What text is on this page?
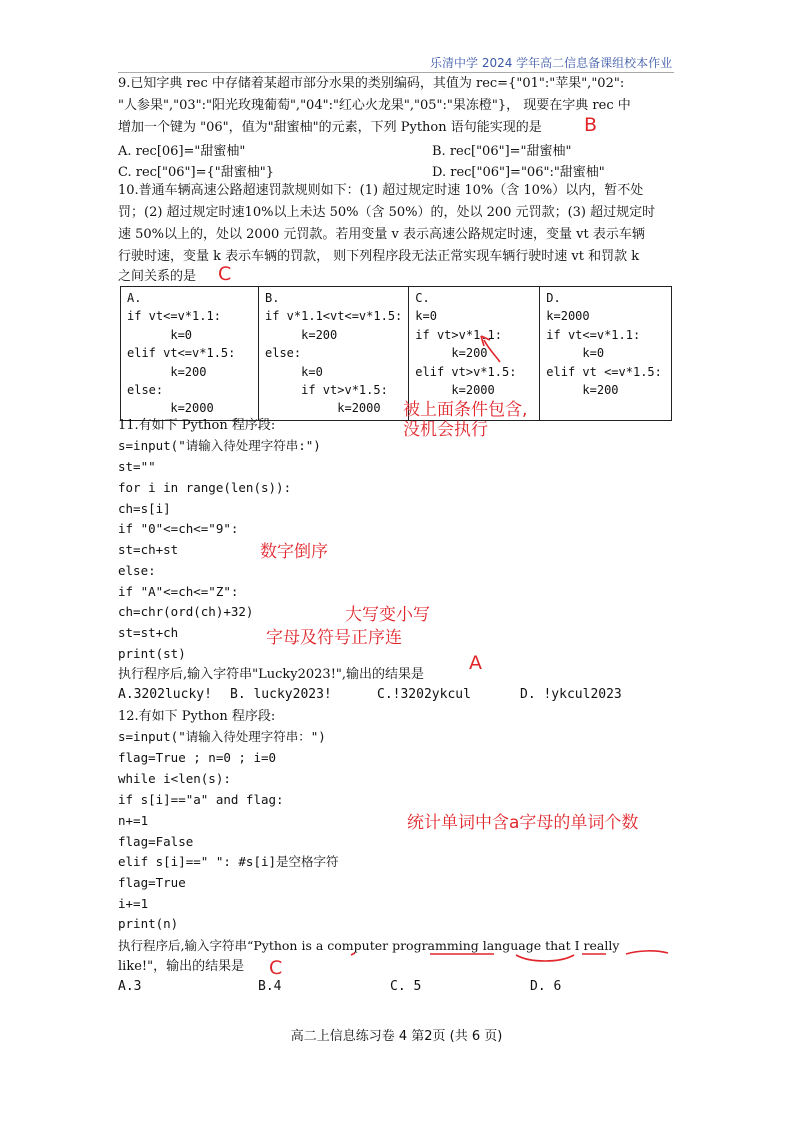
乐清中学 2024 学年高二信息备课组校本作业
9.已知字典 rec 中存储着某超市部分水果的类别编码，其值为 rec={"01":"苹果","02":
"人参果","03":"阳光玫瑰葡萄","04":"红心火龙果","05":"果冻橙"}， 现要在字典 rec 中
增加一个键为 "06"，值为"甜蜜柚"的元素，下列 Python 语句能实现的是 B
A. rec[06]="甜蜜柚"	B. rec["06"]="甜蜜柚"
C. rec["06"]={"甜蜜柚"}	D. rec["06"]="06":"甜蜜柚"
10.普通车辆高速公路超速罚款规则如下：(1) 超过规定时速 10%（含 10%）以内，暂不处
罚；(2) 超过规定时速10%以上未达 50%（含 50%）的，处以 200 元罚款；(3) 超过规定时
速 50%以上的，处以 2000 元罚款。若用变量 v 表示高速公路规定时速，变量 vt 表示车辆
行驶时速，变量 k 表示车辆的罚款， 则下列程序段无法正常实现车辆行驶时速 vt 和罚款 k
之间关系的是 C
A.
if vt<=v*1.1:
k=0
elif vt<=v*1.5:
k=200
else:
k=2000

B.
if v*1.1<vt<=v*1.5:
k=200
else:
k=0
if vt>v*1.5:
k=2000

C.
k=0
if vt>v*1.1:
k=200
elif vt>v*1.5:
k=2000

D.
k=2000
if vt<=v*1.1:
k=0
elif vt <=v*1.5:
k=200
被上面条件包含,
没机会执行
11.有如下 Python 程序段:
s=input("请输入待处理字符串:")
st=""
for i in range(len(s)):
ch=s[i]
if "0"<=ch<="9":
st=ch+st
else:
if "A"<=ch<="Z":
ch=chr(ord(ch)+32)
st=st+ch
print(st)
数字倒序
大写变小写
字母及符号正序连
执行程序后,输入字符串"Lucky2023!",输出的结果是
A
A.3202lucky! B. lucky2023!	C.!3202ykcul	D. !ykcul2023
12.有如下 Python 程序段:
s=input("请输入待处理字符串：")
flag=True ; n=0 ; i=0
while i<len(s):
if s[i]=="a" and flag:
n+=1
flag=False
elif s[i]==" ": #s[i]是空格字符
flag=True
i+=1
print(n)
统计单词中含a字母的单词个数
执行程序后,输入字符串“Python is a computer programming language that I really
like!"，输出的结果是 C
A.3	B.4	C. 5	D. 6
高二上信息练习卷 4 第2页 (共 6 页)
